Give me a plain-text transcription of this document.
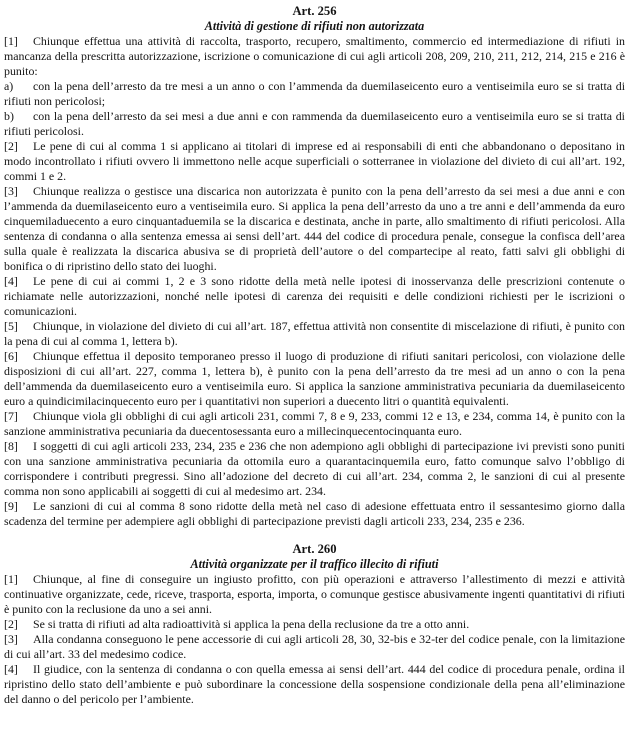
Art. 256
Attività di gestione di rifiuti non autorizzata

[1] Chiunque effettua una attività di raccolta, trasporto, recupero, smaltimento, commercio ed intermediazione di rifiuti in mancanza della prescritta autorizzazione, iscrizione o comunicazione di cui agli articoli 208, 209, 210, 211, 212, 214, 215 e 216 è punito:

a) con la pena dell’arresto da tre mesi a un anno o con l’ammenda da duemilaseicento euro a ventiseimila euro se si tratta di rifiuti non pericolosi;

b) con la pena dell’arresto da sei mesi a due anni e con rammenda da duemilaseicento euro a ventiseimila euro se si tratta di rifiuti pericolosi.

[2] Le pene di cui al comma 1 si applicano ai titolari di imprese ed ai responsabili di enti che abbandonano o depositano in modo incontrollato i rifiuti ovvero li immettono nelle acque superficiali o sotterranee in violazione del divieto di cui all’art. 192, commi 1 e 2.

[3] Chiunque realizza o gestisce una discarica non autorizzata è punito con la pena dell’arresto da sei mesi a due anni e con l’ammenda da duemilaseicento euro a ventiseimila euro. Si applica la pena dell’arresto da uno a tre anni e dell’ammenda da euro cinquemiladuecento a euro cinquantaduemila se la discarica e destinata, anche in parte, allo smaltimento di rifiuti pericolosi. Alla sentenza di condanna o alla sentenza emessa ai sensi dell’art. 444 del codice di procedura penale, consegue la confisca dell’area sulla quale è realizzata la discarica abusiva se di proprietà dell’autore o del compartecipe al reato, fatti salvi gli obblighi di bonifica o di ripristino dello stato dei luoghi.

[4] Le pene di cui ai commi 1, 2 e 3 sono ridotte della metà nelle ipotesi di inosservanza delle prescrizioni contenute o richiamate nelle autorizzazioni, nonché nelle ipotesi di carenza dei requisiti e delle condizioni richiesti per le iscrizioni o comunicazioni.

[5] Chiunque, in violazione del divieto di cui all’art. 187, effettua attività non consentite di miscelazione di rifiuti, è punito con la pena di cui al comma 1, lettera b).

[6] Chiunque effettua il deposito temporaneo presso il luogo di produzione di rifiuti sanitari pericolosi, con violazione delle disposizioni di cui all’art. 227, comma 1, lettera b), è punito con la pena dell’arresto da tre mesi ad un anno o con la pena dell’ammenda da duemilaseicento euro a ventiseimila euro. Si applica la sanzione amministrativa pecuniaria da duemilaseicento euro a quindicimilacinquecento euro per i quantitativi non superiori a duecento litri o quantità equivalenti.

[7] Chiunque viola gli obblighi di cui agli articoli 231, commi 7, 8 e 9, 233, commi 12 e 13, e 234, comma 14, è punito con la sanzione amministrativa pecuniaria da duecentosessanta euro a millecinquecentocinquanta euro.

[8] I soggetti di cui agli articoli 233, 234, 235 e 236 che non adempiono agli obblighi di partecipazione ivi previsti sono puniti con una sanzione amministrativa pecuniaria da ottomila euro a quarantacinquemila euro, fatto comunque salvo l’obbligo di corrispondere i contributi pregressi. Sino all’adozione del decreto di cui all’art. 234, comma 2, le sanzioni di cui al presente comma non sono applicabili ai soggetti di cui al medesimo art. 234.

[9] Le sanzioni di cui al comma 8 sono ridotte della metà nel caso di adesione effettuata entro il sessantesimo giorno dalla scadenza del termine per adempiere agli obblighi di partecipazione previsti dagli articoli 233, 234, 235 e 236.

Art. 260
Attività organizzate per il traffico illecito di rifiuti

[1] Chiunque, al fine di conseguire un ingiusto profitto, con più operazioni e attraverso l’allestimento di mezzi e attività continuative organizzate, cede, riceve, trasporta, esporta, importa, o comunque gestisce abusivamente ingenti quantitativi di rifiuti è punito con la reclusione da uno a sei anni.

[2] Se si tratta di rifiuti ad alta radioattività si applica la pena della reclusione da tre a otto anni.

[3] Alla condanna conseguono le pene accessorie di cui agli articoli 28, 30, 32-bis e 32-ter del codice penale, con la limitazione di cui all’art. 33 del medesimo codice.

[4] Il giudice, con la sentenza di condanna o con quella emessa ai sensi dell’art. 444 del codice di procedura penale, ordina il ripristino dello stato dell’ambiente e può subordinare la concessione della sospensione condizionale della pena all’eliminazione del danno o del pericolo per l’ambiente.
